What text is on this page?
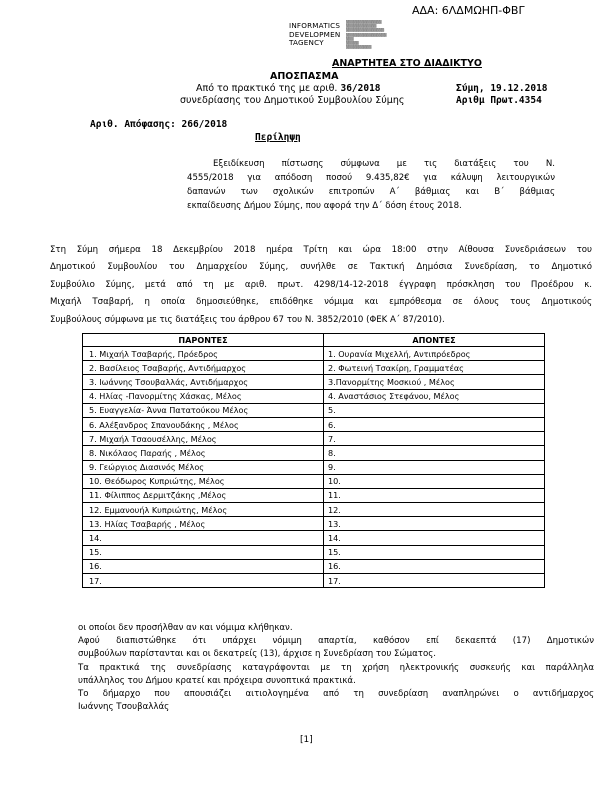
ΑΔΑ: 6ΛΔΜΩΗΠ-ΦΒΓ
INFORMATICS
DEVELOPMEN
TAGENCY
▒▒▒▒▒▒▒▒▒▒▒▒▒▒
▒▒▒▒▒▒▒▒▒▒▒▒
▒▒▒▒▒▒▒▒▒▒▒▒▒▒▒
▒▒▒▒▒▒▒▒▒▒▒▒▒▒▒▒
▒▒▒
▒▒▒▒▒
▒▒▒▒▒▒▒▒▒▒
ΑΝΑΡΤΗΤΕΑ ΣΤΟ ΔΙΑΔΙΚΤΥΟ
ΑΠΟΣΠΑΣΜΑ
Από το πρακτικό της με αριθ. 36/2018
συνεδρίασης του Δημοτικού Συμβουλίου Σύμης
Σύμη, 19.12.2018
Αριθμ Πρωτ.4354
Αριθ. Απόφασης: 266/2018
Περίληψη
Εξειδίκευση πίστωσης σύμφωνα με τις διατάξεις του Ν.
4555/2018 για απόδοση ποσού 9.435,82€ για κάλυψη λειτουργικών
δαπανών των σχολικών επιτροπών Α΄ βάθμιας και Β΄ βάθμιας
εκπαίδευσης Δήμου Σύμης, που αφορά την Δ΄ δόση έτους 2018.
Στη Σύμη σήμερα 18 Δεκεμβρίου 2018 ημέρα Τρίτη και ώρα 18:00 στην Αίθουσα Συνεδριάσεων του
Δημοτικού Συμβουλίου του Δημαρχείου Σύμης, συνήλθε σε Τακτική Δημόσια Συνεδρίαση, το Δημοτικό
Συμβούλιο Σύμης, μετά από τη με αριθ. πρωτ. 4298/14-12-2018 έγγραφη πρόσκληση του Προέδρου κ.
Μιχαήλ Τσαβαρή, η οποία δημοσιεύθηκε, επιδόθηκε νόμιμα και εμπρόθεσμα σε όλους τους Δημοτικούς
Συμβούλους σύμφωνα με τις διατάξεις του άρθρου 67 του Ν. 3852/2010 (ΦΕΚ Α΄ 87/2010).
ΠΑΡΟΝΤΕΣ	ΑΠΟΝΤΕΣ
1. Μιχαήλ Τσαβαρής, Πρόεδρος	1. Ουρανία Μιχελλή, Αντιπρόεδρος
2. Βασίλειος Τσαβαρής, Αντιδήμαρχος	2. Φωτεινή Τσακίρη, Γραμματέας
3. Ιωάννης Τσουβαλλάς, Αντιδήμαρχος	3.Πανορμίτης Μοσκιού , Μέλος
4. Ηλίας -Πανορμίτης Χάσκας, Μέλος	4. Αναστάσιος Στεφάνου, Μέλος
5. Ευαγγελία- Άννα Πατατούκου Μέλος	5.
6. Αλέξανδρος Σπανουδάκης , Μέλος	6.
7. Μιχαήλ Τσαουσέλλης, Μέλος	7.
8. Νικόλαος Παραής , Μέλος	8.
9. Γεώργιος Διασινός Μέλος	9.
10. Θεόδωρος Κυπριώτης, Μέλος	10.
11. Φίλιππος Δερμιτζάκης ,Μέλος	11.
12. Εμμανουήλ Κυπριώτης, Μέλος	12.
13. Ηλίας Τσαβαρής , Μέλος	13.
14.	14.
15.	15.
16.	16.
17.	17.
οι οποίοι δεν προσήλθαν αν και νόμιμα κλήθηκαν.
Αφού διαπιστώθηκε ότι υπάρχει νόμιμη απαρτία, καθόσον επί δεκαεπτά (17) Δημοτικών
συμβούλων παρίστανται και οι δεκατρείς (13), άρχισε η Συνεδρίαση του Σώματος.
Τα πρακτικά της συνεδρίασης καταγράφονται με τη χρήση ηλεκτρονικής συσκευής και παράλληλα
υπάλληλος του Δήμου κρατεί και πρόχειρα συνοπτικά πρακτικά.
Το δήμαρχο που απουσιάζει αιτιολογημένα από τη συνεδρίαση αναπληρώνει ο αντιδήμαρχος
Ιωάννης Τσουβαλλάς
[1]
